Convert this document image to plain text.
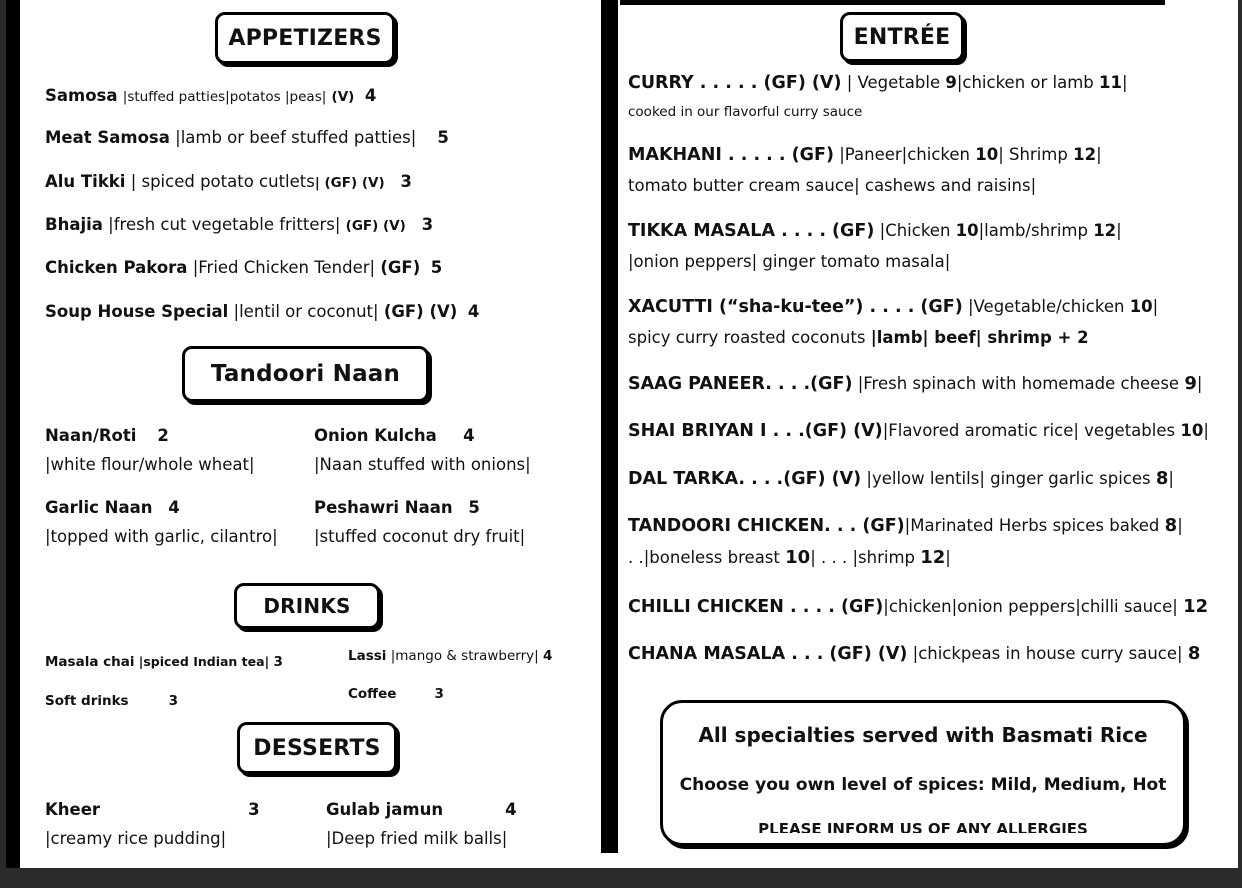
APPETIZERS
Samosa |stuffed patties|potatos |peas| (V) 4
Meat Samosa |lamb or beef stuffed patties| 5
Alu Tikki | spiced potato cutlets| (GF) (V) 3
Bhajia |fresh cut vegetable fritters| (GF) (V) 3
Chicken Pakora |Fried Chicken Tender| (GF) 5
Soup House Special |lentil or coconut| (GF) (V) 4
Tandoori Naan
Naan/Roti 2
|white flour/whole wheat|
Onion Kulcha 4
|Naan stuffed with onions|
Garlic Naan 4
|topped with garlic, cilantro|
Peshawri Naan 5
|stuffed coconut dry fruit|
DRINKS
Masala chai |spiced Indian tea| 3	Lassi |mango & strawberry| 4
Soft drinks	3	Coffee	3
DESSERTS
Kheer	3
|creamy rice pudding|
Gulab jamun	4
|Deep fried milk balls|
ENTRÉE
CURRY . . . . . (GF) (V) | Vegetable 9|chicken or lamb 11|
cooked in our flavorful curry sauce
MAKHANI . . . . . (GF) |Paneer|chicken 10| Shrimp 12|
tomato butter cream sauce| cashews and raisins|
TIKKA MASALA . . . . (GF) |Chicken 10|lamb/shrimp 12|
|onion peppers| ginger tomato masala|
XACUTTI (“sha-ku-tee”) . . . . (GF) |Vegetable/chicken 10|
spicy curry roasted coconuts |lamb| beef| shrimp + 2
SAAG PANEER. . . .(GF) |Fresh spinach with homemade cheese 9|
SHAI BRIYAN I . . .(GF) (V)|Flavored aromatic rice| vegetables 10|
DAL TARKA. . . .(GF) (V) |yellow lentils| ginger garlic spices 8|
TANDOORI CHICKEN. . . (GF)|Marinated Herbs spices baked 8|
. .|boneless breast 10| . . . |shrimp 12|
CHILLI CHICKEN . . . . (GF)|chicken|onion peppers|chilli sauce| 12
CHANA MASALA . . . (GF) (V) |chickpeas in house curry sauce| 8
All specialties served with Basmati Rice
Choose you own level of spices: Mild, Medium, Hot
PLEASE INFORM US OF ANY ALLERGIES
